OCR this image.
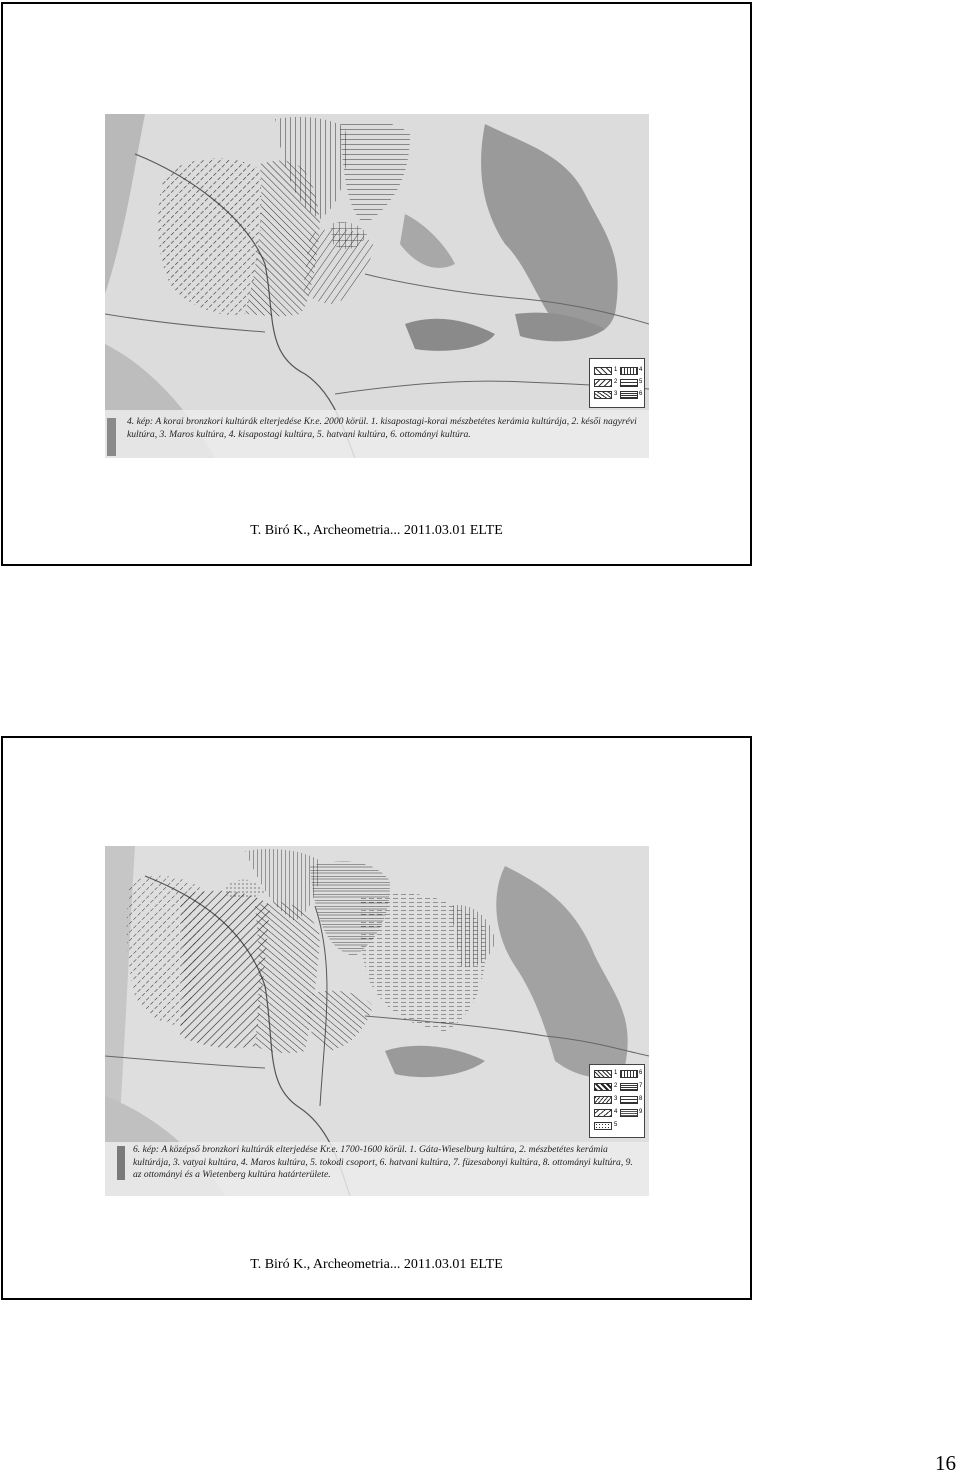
1
2
3
4
5
6
4. kép: A korai bronzkori kultúrák elterjedése Kr.e. 2000 körül. 1. kisapostagi-korai mészbetétes kerámia kultúrája, 2. késői nagyrévi kultúra, 3. Maros kultúra, 4. kisapostagi kultúra, 5. hatvani kultúra, 6. ottományi kultúra.
T. Biró K., Archeometria... 2011.03.01 ELTE
1
2
3
4
5
6
7
8
9
6. kép: A középső bronzkori kultúrák elterjedése Kr.e. 1700-1600 körül. 1. Gáta-Wieselburg kultúra, 2. mészbetétes kerámia kultúrája, 3. vatyai kultúra, 4. Maros kultúra, 5. tokodi csoport, 6. hatvani kultúra, 7. füzesabonyi kultúra, 8. ottományi kultúra, 9. az ottományi és a Wietenberg kultúra határterülete.
T. Biró K., Archeometria... 2011.03.01 ELTE
16
